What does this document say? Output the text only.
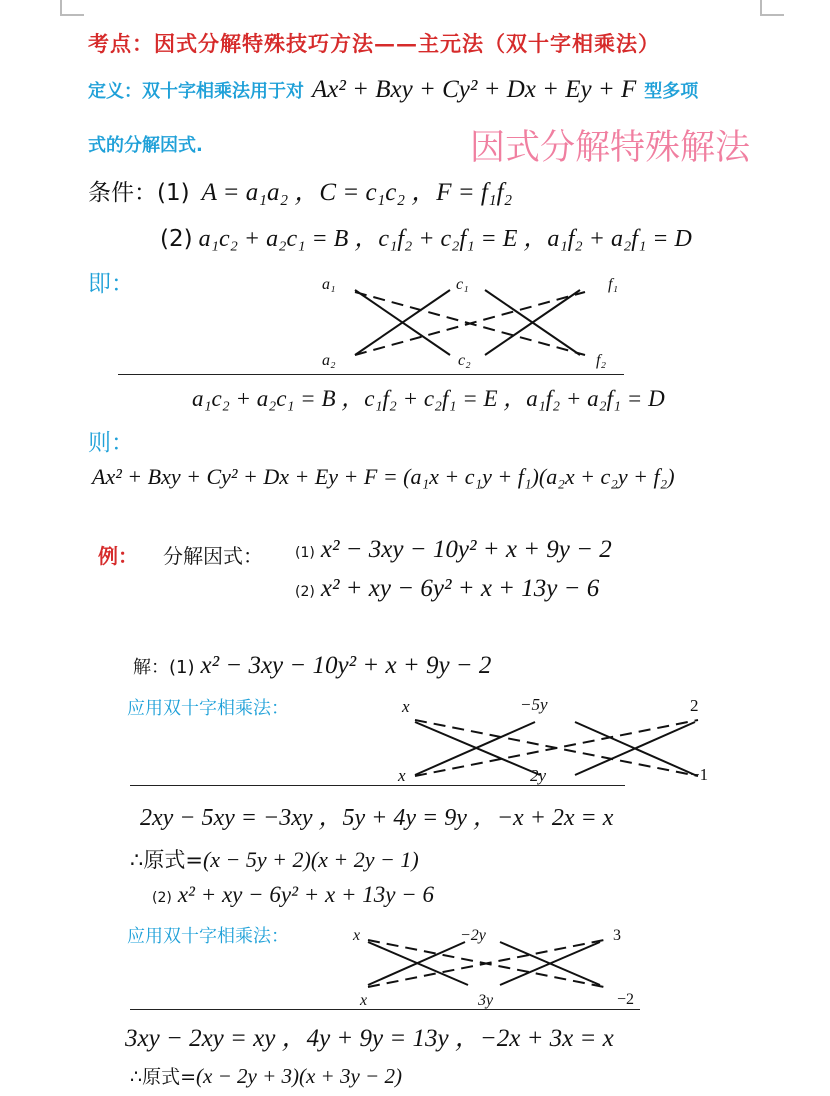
考点：因式分解特殊技巧方法——主元法（双十字相乘法）
定义：双十字相乘法用于对 Ax² + Bxy + Cy² + Dx + Ey + F 型多项
式的分解因式.	因式分解特殊解法
条件：(1) A = a₁a₂ ，C = c₁c₂ ，F = f₁f₂
(2) a₁c₂ + a₂c₁ = B ，c₁f₂ + c₂f₁ = E ，a₁f₂ + a₂f₁ = D
即：	a₁	c₁	f₁
a₂	c₂	f₂
a₁c₂ + a₂c₁ = B ，c₁f₂ + c₂f₁ = E ，a₁f₂ + a₂f₁ = D
则：
Ax² + Bxy + Cy² + Dx + Ey + F = (a₁x + c₁y + f₁)(a₂x + c₂y + f₂)
例： 分解因式： (1) x² − 3xy − 10y² + x + 9y − 2
(2) x² + xy − 6y² + x + 13y − 6
解：(1) x² − 3xy − 10y² + x + 9y − 2
应用双十字相乘法：	x	−5y	2
x	2y	−1
2xy − 5xy = −3xy ，5y + 4y = 9y ，−x + 2x = x
∴原式=(x − 5y + 2)(x + 2y − 1)
(2) x² + xy − 6y² + x + 13y − 6
应用双十字相乘法：	x	−2y	3
x	3y	−2
3xy − 2xy = xy ，4y + 9y = 13y ，−2x + 3x = x
∴原式=(x − 2y + 3)(x + 3y − 2)
